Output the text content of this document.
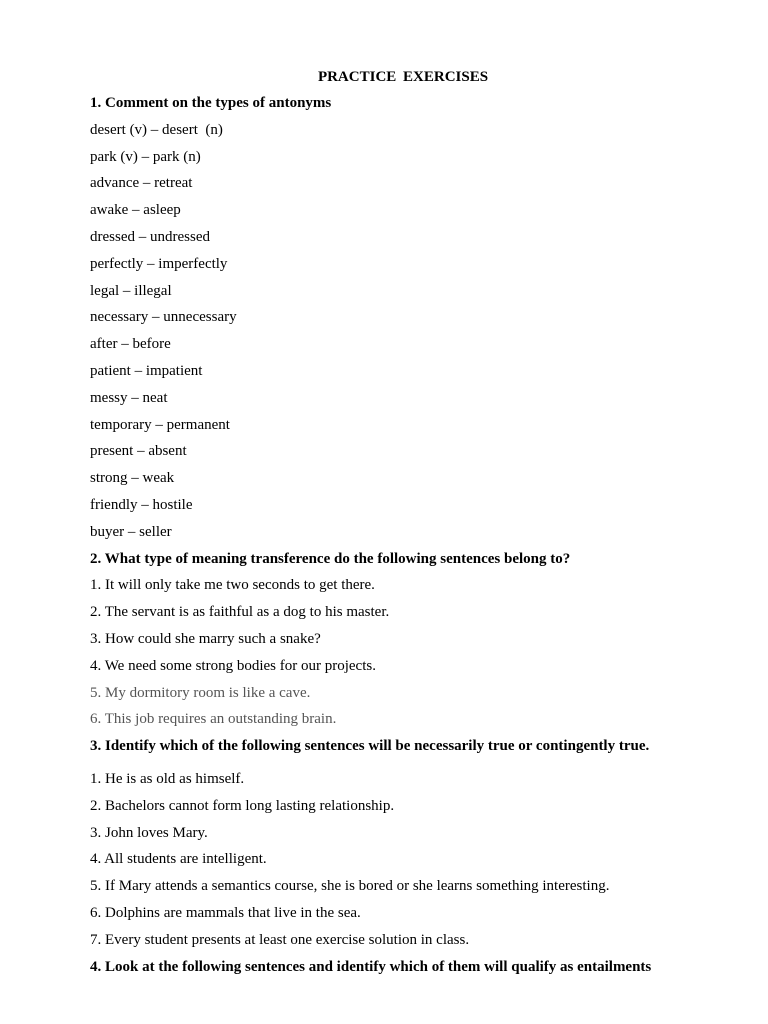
PRACTICE EXERCISES
1. Comment on the types of antonyms
desert (v) – desert  (n)
park (v) – park (n)
advance – retreat
awake – asleep
dressed – undressed
perfectly – imperfectly
legal – illegal
necessary – unnecessary
after – before
patient – impatient
messy – neat
temporary – permanent
present – absent
strong – weak
friendly – hostile
buyer – seller
2. What type of meaning transference do the following sentences belong to?
1. It will only take me two seconds to get there.
2. The servant is as faithful as a dog to his master.
3. How could she marry such a snake?
4. We need some strong bodies for our projects.
5. My dormitory room is like a cave.
6. This job requires an outstanding brain.
3. Identify which of the following sentences will be necessarily true or contingently true.
1. He is as old as himself.
2. Bachelors cannot form long lasting relationship.
3. John loves Mary.
4. All students are intelligent.
5. If Mary attends a semantics course, she is bored or she learns something interesting.
6. Dolphins are mammals that live in the sea.
7. Every student presents at least one exercise solution in class.
4. Look at the following sentences and identify which of them will qualify as entailments
